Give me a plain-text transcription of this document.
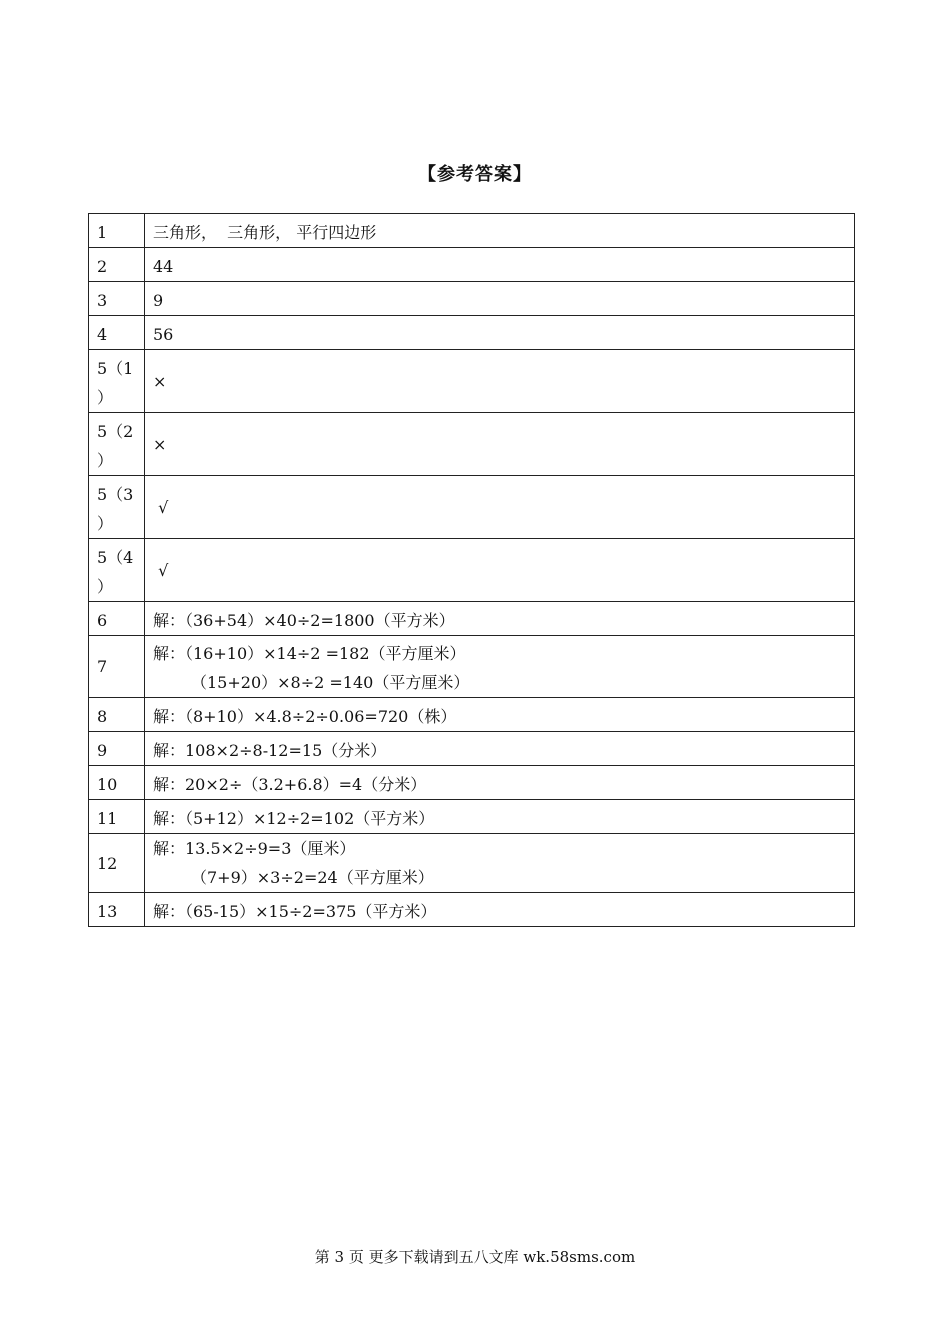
【参考答案】
1	三角形，  三角形， 平行四边形

2	44

3	9

4	56

5（1
）	×

5（2
）	×

5（3
）	√

5（4
）	√

6	解：（36+54）×40÷2=1800（平方米）

7	解：（16+10）×14÷2 =182（平方厘米）
（15+20）×8÷2 =140（平方厘米）

8	解：（8+10）×4.8÷2÷0.06=720（株）

9	解：108×2÷8-12=15（分米）

10	解：20×2÷（3.2+6.8）=4（分米）

11	解：（5+12）×12÷2=102（平方米）

12	解：13.5×2÷9=3（厘米）
（7+9）×3÷2=24（平方厘米）

13	解：（65-15）×15÷2=375（平方米）
第 3 页 更多下载请到五八文库 wk.58sms.com
